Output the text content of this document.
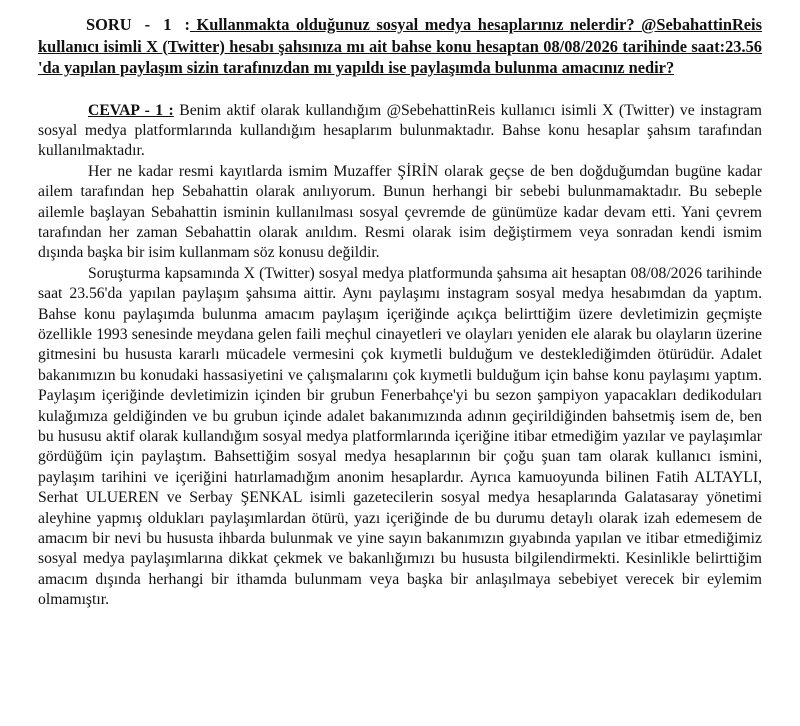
SORU - 1 : Kullanmakta olduğunuz sosyal medya hesaplarınız nelerdir? @SebahattinReis kullanıcı isimli X (Twitter) hesabı şahsınıza mı ait bahse konu hesaptan 08/08/2026 tarihinde saat:23.56 'da yapılan paylaşım sizin tarafınızdan mı yapıldı ise paylaşımda bulunma amacınız nedir?

CEVAP - 1 : Benim aktif olarak kullandığım @SebehattinReis kullanıcı isimli X (Twitter) ve instagram sosyal medya platformlarında kullandığım hesaplarım bulunmaktadır. Bahse konu hesaplar şahsım tarafından kullanılmaktadır.

Her ne kadar resmi kayıtlarda ismim Muzaffer ŞİRİN olarak geçse de ben doğduğumdan bugüne kadar ailem tarafından hep Sebahattin olarak anılıyorum. Bunun herhangi bir sebebi bulunmamaktadır. Bu sebeple ailemle başlayan Sebahattin isminin kullanılması sosyal çevremde de günümüze kadar devam etti. Yani çevrem tarafından her zaman Sebahattin olarak anıldım. Resmi olarak isim değiştirmem veya sonradan kendi ismim dışında başka bir isim kullanmam söz konusu değildir.

Soruşturma kapsamında X (Twitter) sosyal medya platformunda şahsıma ait hesaptan 08/08/2026 tarihinde saat 23.56'da yapılan paylaşım şahsıma aittir. Aynı paylaşımı instagram sosyal medya hesabımdan da yaptım. Bahse konu paylaşımda bulunma amacım paylaşım içeriğinde açıkça belirttiğim üzere devletimizin geçmişte özellikle 1993 senesinde meydana gelen faili meçhul cinayetleri ve olayları yeniden ele alarak bu olayların üzerine gitmesini bu hususta kararlı mücadele vermesini çok kıymetli bulduğum ve desteklediğimden ötürüdür. Adalet bakanımızın bu konudaki hassasiyetini ve çalışmalarını çok kıymetli bulduğum için bahse konu paylaşımı yaptım. Paylaşım içeriğinde devletimizin içinden bir grubun Fenerbahçe'yi bu sezon şampiyon yapacakları dedikoduları kulağımıza geldiğinden ve bu grubun içinde adalet bakanımızında adının geçirildiğinden bahsetmiş isem de, ben bu hususu aktif olarak kullandığım sosyal medya platformlarında içeriğine itibar etmediğim yazılar ve paylaşımlar gördüğüm için paylaştım. Bahsettiğim sosyal medya hesaplarının bir çoğu şuan tam olarak kullanıcı ismini, paylaşım tarihini ve içeriğini hatırlamadığım anonim hesaplardır. Ayrıca kamuoyunda bilinen Fatih ALTAYLI, Serhat ULUEREN ve Serbay ŞENKAL isimli gazetecilerin sosyal medya hesaplarında Galatasaray yönetimi aleyhine yapmış oldukları paylaşımlardan ötürü, yazı içeriğinde de bu durumu detaylı olarak izah edemesem de amacım bir nevi bu hususta ihbarda bulunmak ve yine sayın bakanımızın gıyabında yapılan ve itibar etmediğimiz sosyal medya paylaşımlarına dikkat çekmek ve bakanlığımızı bu hususta bilgilendirmekti. Kesinlikle belirttiğim amacım dışında herhangi bir ithamda bulunmam veya başka bir anlaşılmaya sebebiyet verecek bir eylemim olmamıştır.
